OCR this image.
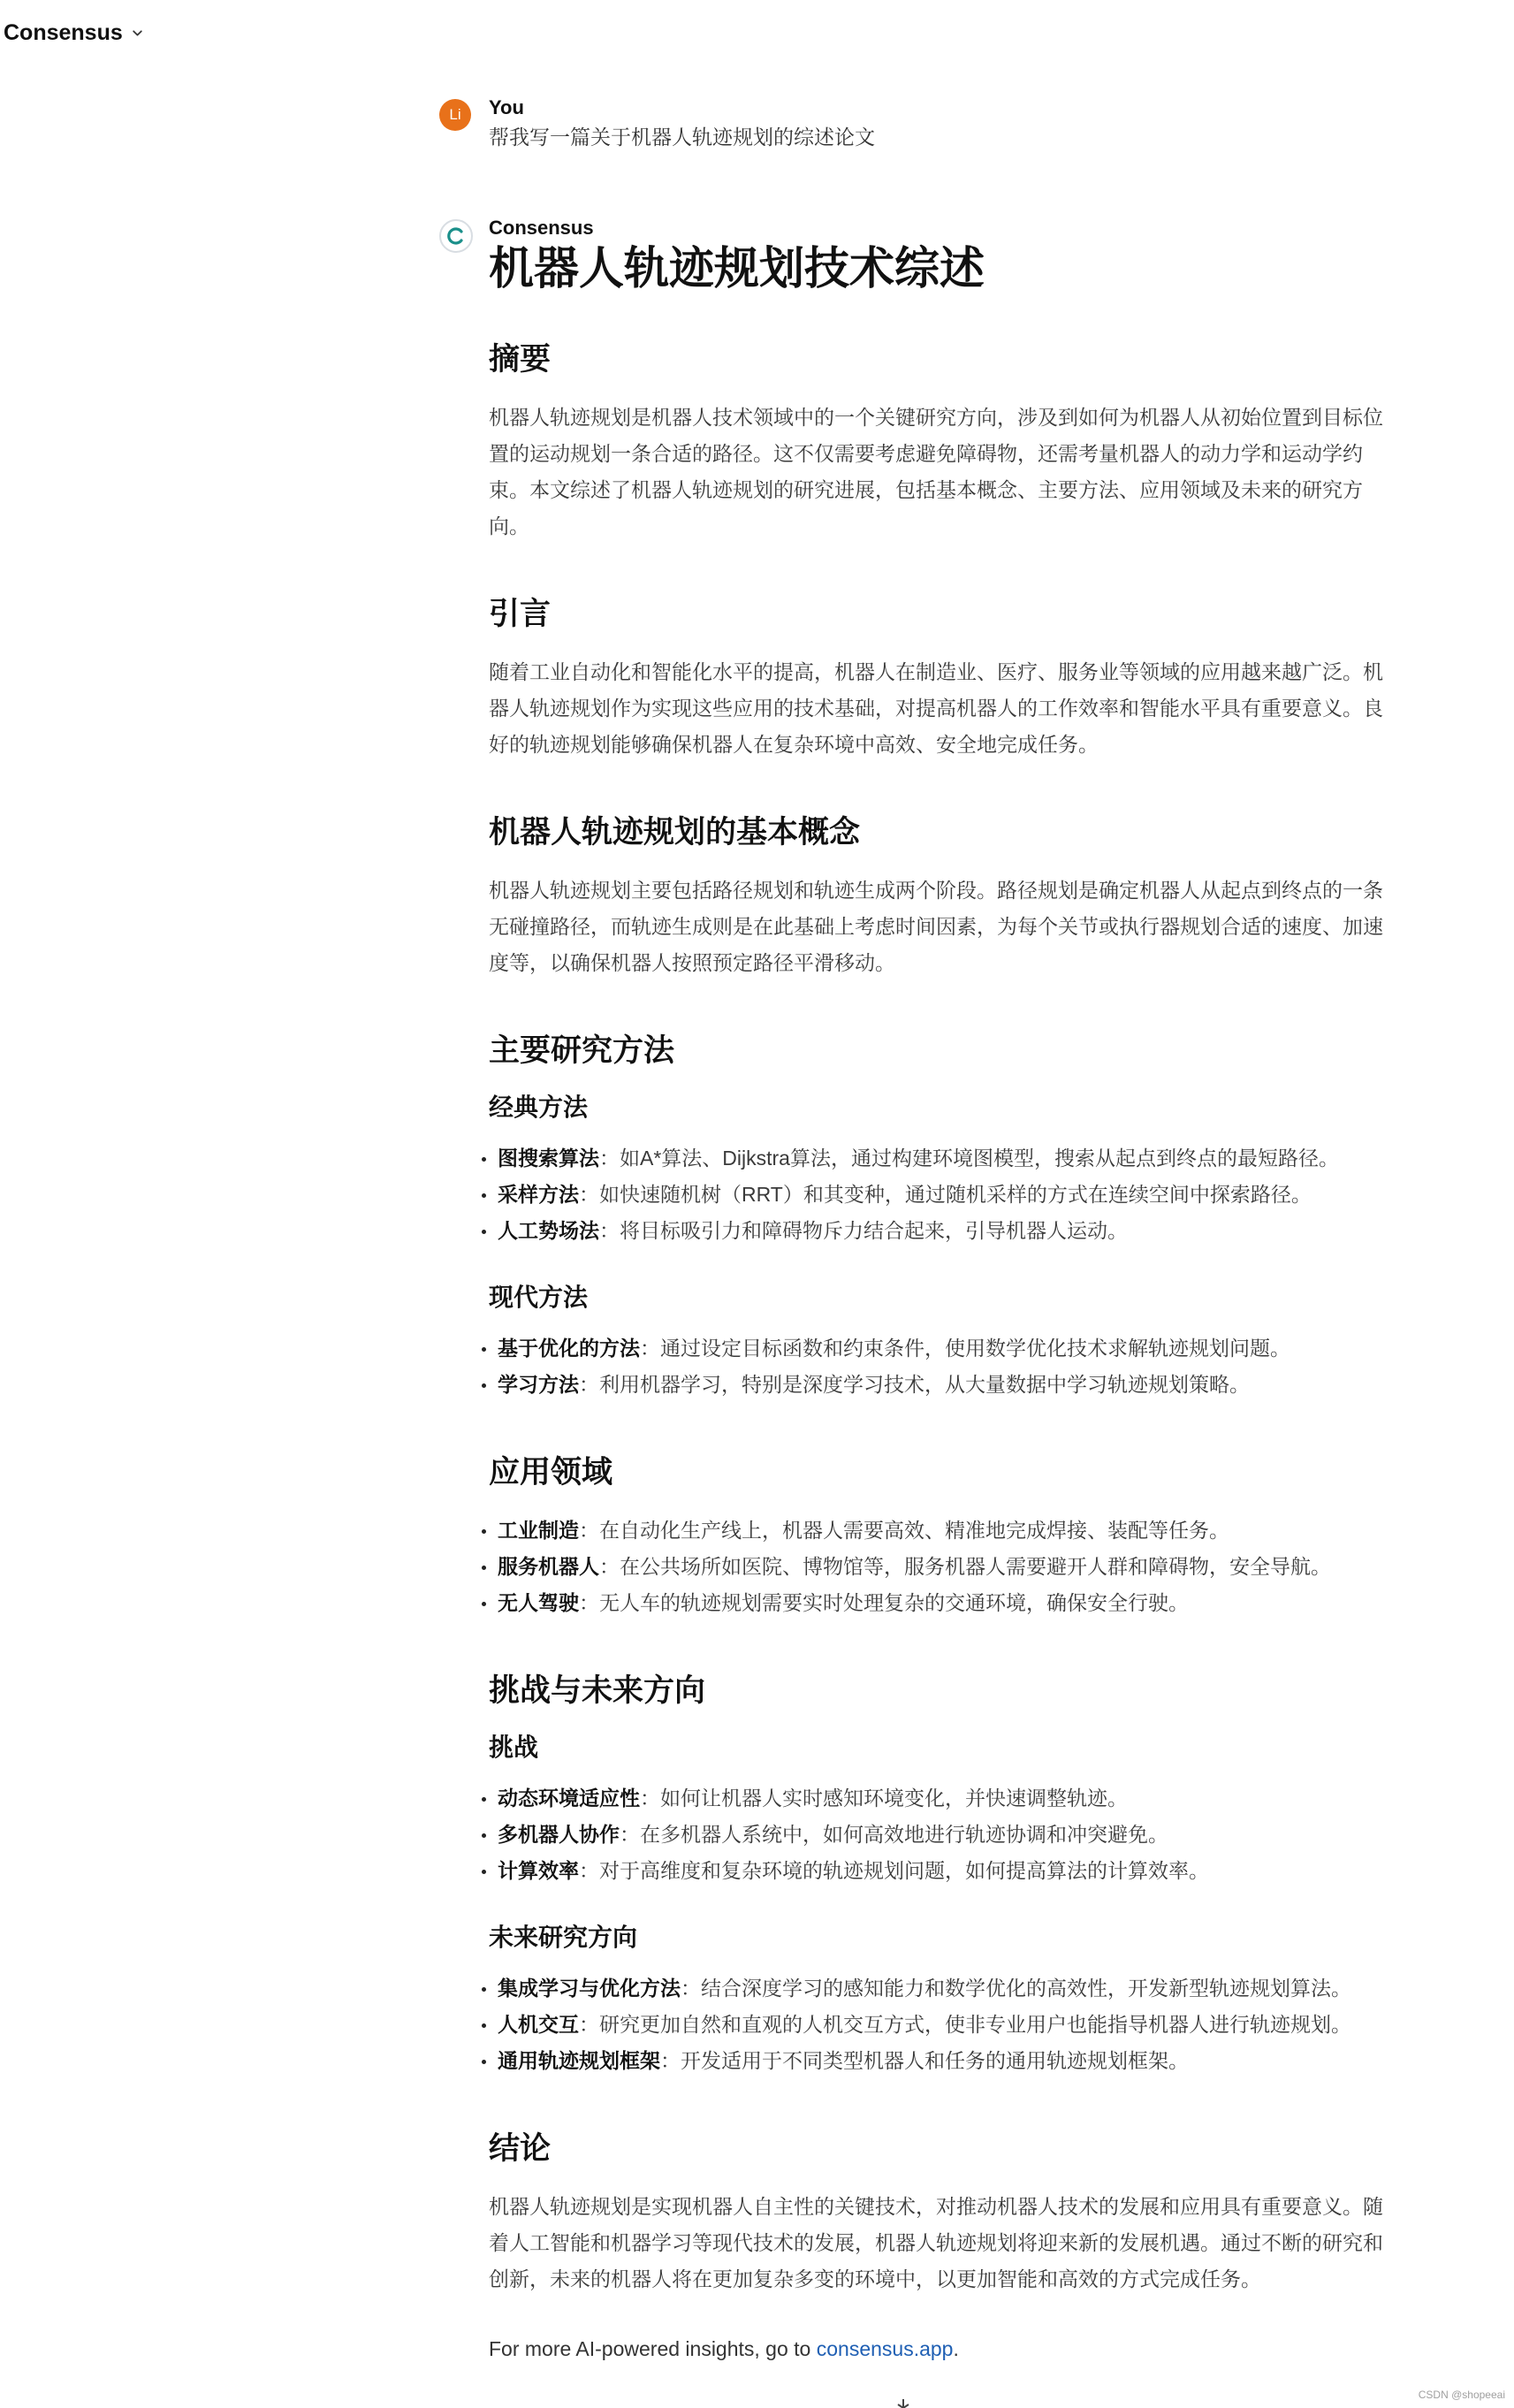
Consensus
Li	You
帮我写一篇关于机器人轨迹规划的综述论文
Consensus
机器人轨迹规划技术综述
摘要

机器人轨迹规划是机器人技术领域中的一个关键研究方向，涉及到如何为机器人从初始位置到目标位置的运动规划一条合适的路径。这不仅需要考虑避免障碍物，还需考量机器人的动力学和运动学约束。本文综述了机器人轨迹规划的研究进展，包括基本概念、主要方法、应用领域及未来的研究方向。

引言

随着工业自动化和智能化水平的提高，机器人在制造业、医疗、服务业等领域的应用越来越广泛。机器人轨迹规划作为实现这些应用的技术基础，对提高机器人的工作效率和智能水平具有重要意义。良好的轨迹规划能够确保机器人在复杂环境中高效、安全地完成任务。

机器人轨迹规划的基本概念

机器人轨迹规划主要包括路径规划和轨迹生成两个阶段。路径规划是确定机器人从起点到终点的一条无碰撞路径，而轨迹生成则是在此基础上考虑时间因素，为每个关节或执行器规划合适的速度、加速度等，以确保机器人按照预定路径平滑移动。

主要研究方法
经典方法
图搜索算法：如A*算法、Dijkstra算法，通过构建环境图模型，搜索从起点到终点的最短路径。
采样方法：如快速随机树（RRT）和其变种，通过随机采样的方式在连续空间中探索路径。
人工势场法：将目标吸引力和障碍物斥力结合起来，引导机器人运动。
现代方法
基于优化的方法：通过设定目标函数和约束条件，使用数学优化技术求解轨迹规划问题。
学习方法：利用机器学习，特别是深度学习技术，从大量数据中学习轨迹规划策略。
应用领域
工业制造：在自动化生产线上，机器人需要高效、精准地完成焊接、装配等任务。
服务机器人：在公共场所如医院、博物馆等，服务机器人需要避开人群和障碍物，安全导航。
无人驾驶：无人车的轨迹规划需要实时处理复杂的交通环境，确保安全行驶。
挑战与未来方向
挑战
动态环境适应性：如何让机器人实时感知环境变化，并快速调整轨迹。
多机器人协作：在多机器人系统中，如何高效地进行轨迹协调和冲突避免。
计算效率：对于高维度和复杂环境的轨迹规划问题，如何提高算法的计算效率。
未来研究方向
集成学习与优化方法：结合深度学习的感知能力和数学优化的高效性，开发新型轨迹规划算法。
人机交互：研究更加自然和直观的人机交互方式，使非专业用户也能指导机器人进行轨迹规划。
通用轨迹规划框架：开发适用于不同类型机器人和任务的通用轨迹规划框架。
结论

机器人轨迹规划是实现机器人自主性的关键技术，对推动机器人技术的发展和应用具有重要意义。随着人工智能和机器学习等现代技术的发展，机器人轨迹规划将迎来新的发展机遇。通过不断的研究和创新，未来的机器人将在更加复杂多变的环境中，以更加智能和高效的方式完成任务。

For more AI-powered insights, go to consensus.app.
CSDN @shopeeai
